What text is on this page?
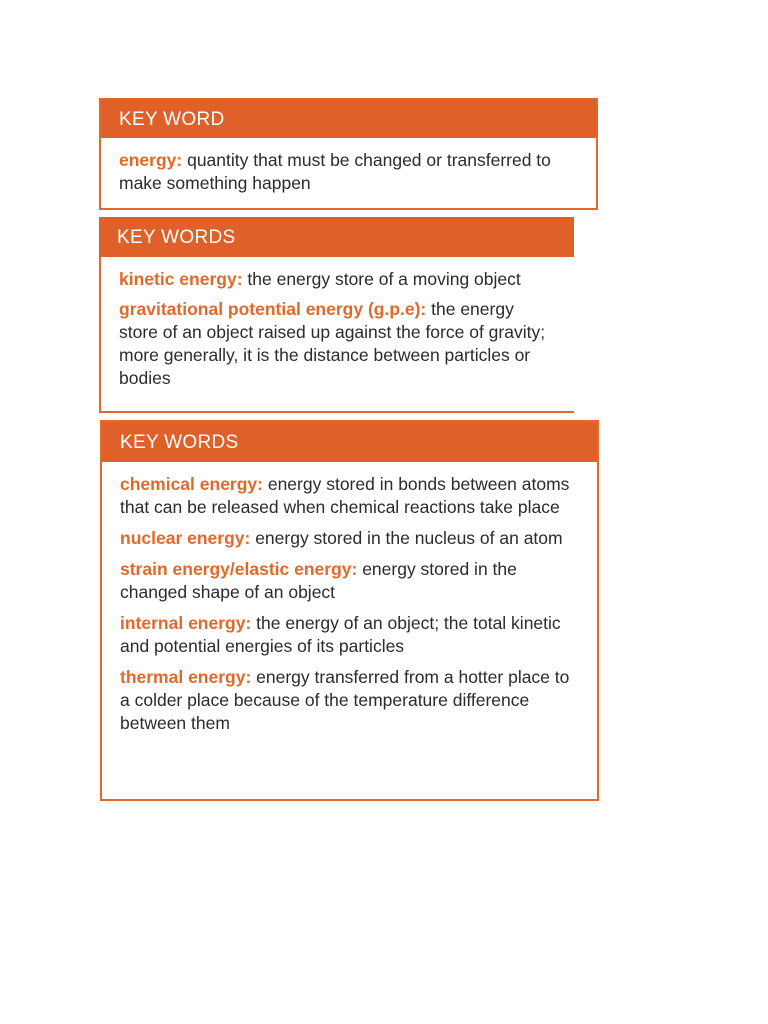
KEY WORD

energy: quantity that must be changed or transferred to make something happen

KEY WORDS

kinetic energy: the energy store of a moving object

gravitational potential energy (g.p.e): the energy store of an object raised up against the force of gravity; more generally, it is the distance between particles or bodies

KEY WORDS

chemical energy: energy stored in bonds between atoms that can be released when chemical reactions take place

nuclear energy: energy stored in the nucleus of an atom

strain energy/elastic energy: energy stored in the changed shape of an object

internal energy: the energy of an object; the total kinetic and potential energies of its particles

thermal energy: energy transferred from a hotter place to a colder place because of the temperature difference between them
